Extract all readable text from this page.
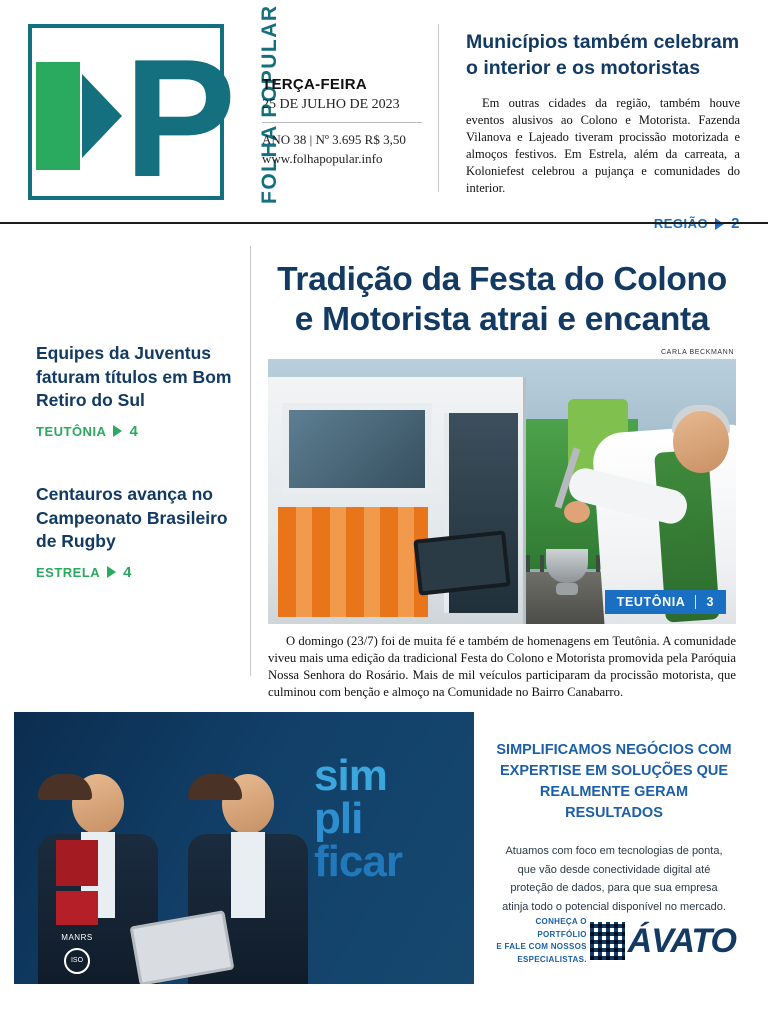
P FOLHA POPULAR
TERÇA-FEIRA
25 DE JULHO DE 2023
ANO 38 | Nº 3.695 R$ 3,50
www.folhapopular.info
Municípios também celebram o interior e os motoristas

Em outras cidades da região, também houve eventos alusivos ao Colono e Motorista. Fazenda Vilanova e Lajeado tiveram procissão motorizada e almoços festivos. Em Estrela, além da carreata, a Koloniefest celebrou a pujança e comunidades do interior.

Equipes da Juventus faturam títulos em Bom Retiro do Sul
TEUTÔNIA 4
Centauros avança no Campeonato Brasileiro de Rugby
ESTRELA 4
Tradição da Festa do Colono e Motorista atrai e encanta
CARLA BECKMANN
TEUTÔNIA 3

O domingo (23/7) foi de muita fé e também de homenagens em Teutônia. A comunidade viveu mais uma edição da tradicional Festa do Colono e Motorista promovida pela Paróquia Nossa Senhora do Rosário. Mais de mil veículos participaram da procissão motorista, que culminou com benção e almoço na Comunidade no Bairro Canabarro.

MANRS
ISO
sim
pli
ficar
SIMPLIFICAMOS NEGÓCIOS COM EXPERTISE EM SOLUÇÕES QUE REALMENTE GERAM RESULTADOS
Atuamos com foco em tecnologias de ponta, que vão desde conectividade digital até proteção de dados, para que sua empresa atinja todo o potencial disponível no mercado.
CONHEÇA O PORTFÓLIO
E FALE COM NOSSOS
ESPECIALISTAS. ÁVATO
